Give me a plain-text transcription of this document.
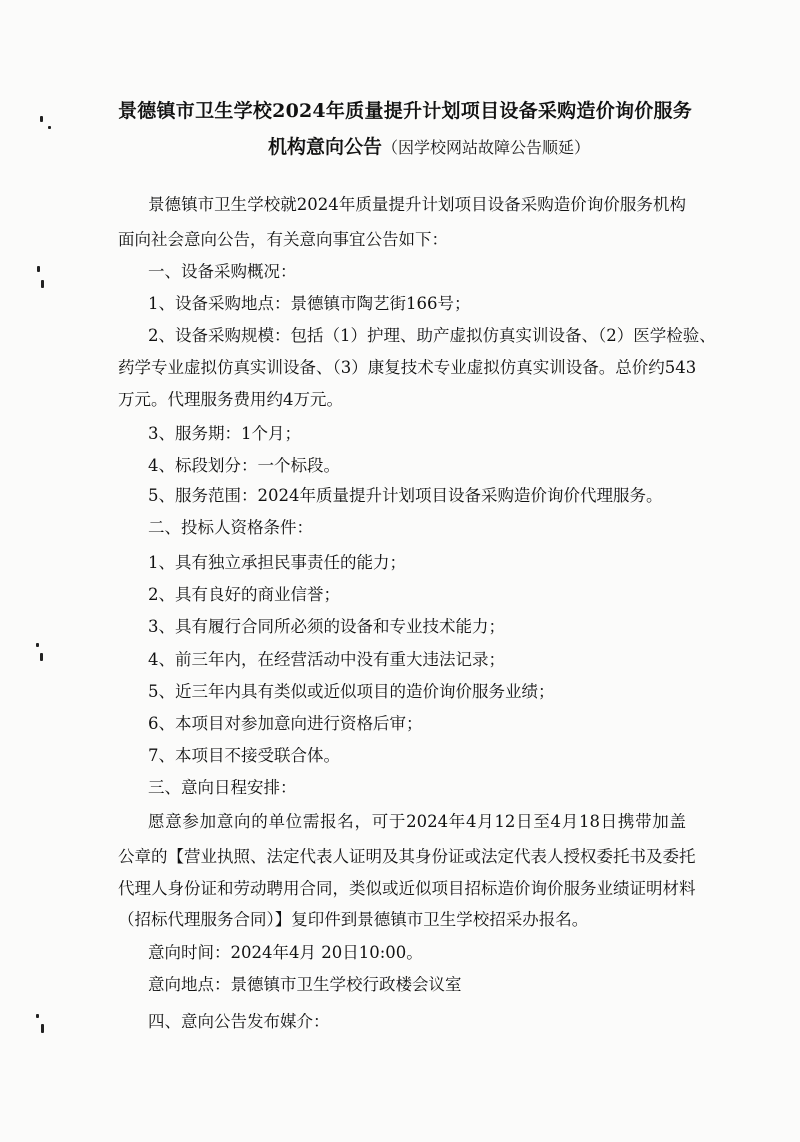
景德镇市卫生学校2024年质量提升计划项目设备采购造价询价服务
机构意向公告（因学校网站故障公告顺延）
景德镇市卫生学校就2024年质量提升计划项目设备采购造价询价服务机构
面向社会意向公告，有关意向事宜公告如下：
一、设备采购概况：
1、设备采购地点：景德镇市陶艺街166号；
2、设备采购规模：包括（1）护理、助产虚拟仿真实训设备、（2）医学检验、
药学专业虚拟仿真实训设备、（3）康复技术专业虚拟仿真实训设备。总价约543
万元。代理服务费用约4万元。
3、服务期：1个月；
4、标段划分：一个标段。
5、服务范围：2024年质量提升计划项目设备采购造价询价代理服务。
二、投标人资格条件：
1、具有独立承担民事责任的能力；
2、具有良好的商业信誉；
3、具有履行合同所必须的设备和专业技术能力；
4、前三年内，在经营活动中没有重大违法记录；
5、近三年内具有类似或近似项目的造价询价服务业绩；
6、本项目对参加意向进行资格后审；
7、本项目不接受联合体。
三、意向日程安排：
愿意参加意向的单位需报名，可于2024年4月12日至4月18日携带加盖
公章的【营业执照、法定代表人证明及其身份证或法定代表人授权委托书及委托
代理人身份证和劳动聘用合同，类似或近似项目招标造价询价服务业绩证明材料
（招标代理服务合同）】复印件到景德镇市卫生学校招采办报名。
意向时间：2024年4月 20日10:00。
意向地点：景德镇市卫生学校行政楼会议室
四、意向公告发布媒介：
